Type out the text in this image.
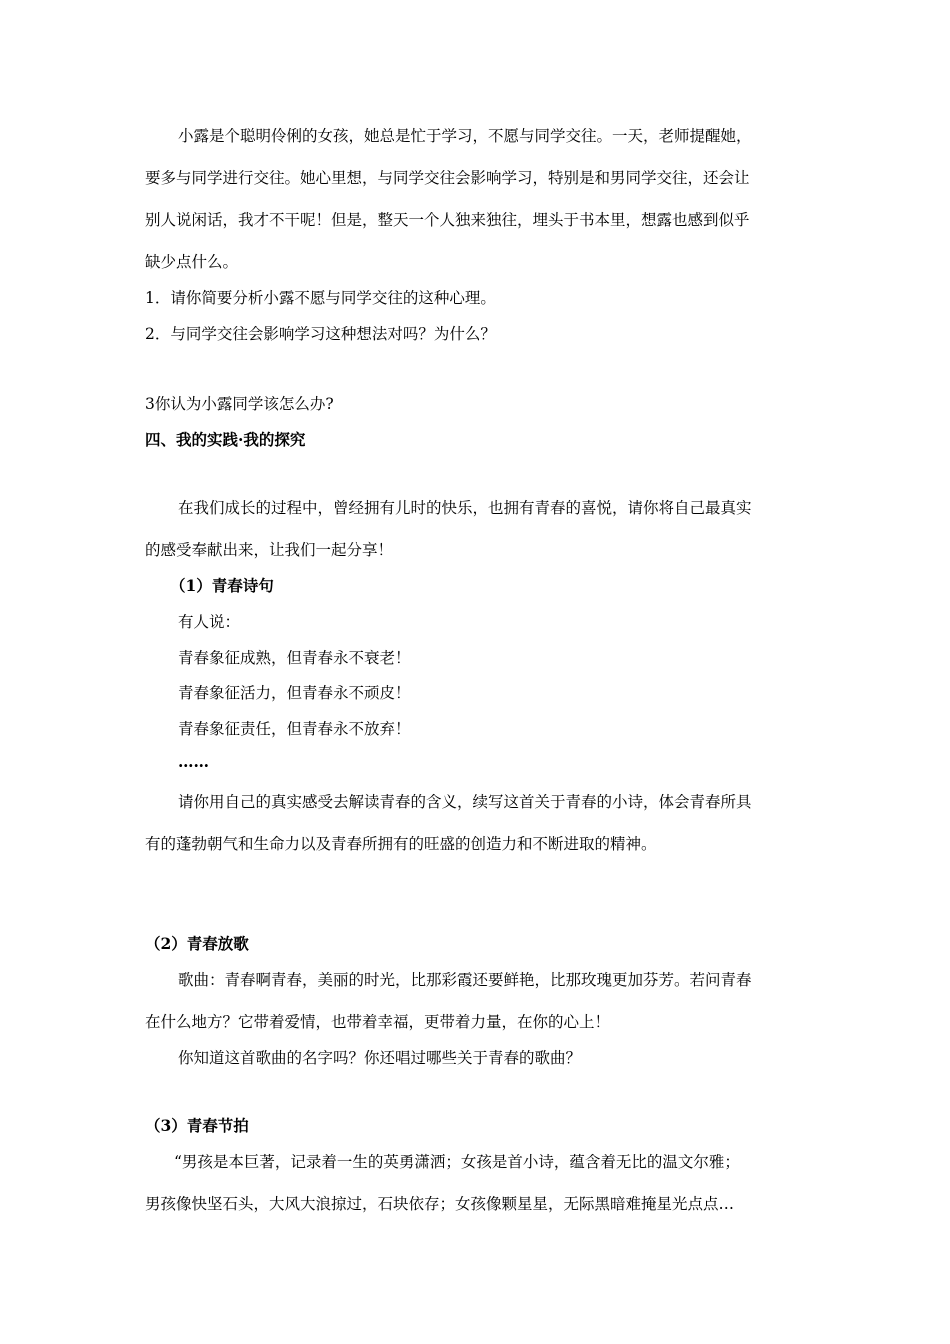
小露是个聪明伶俐的女孩，她总是忙于学习，不愿与同学交往。一天，老师提醒她，
要多与同学进行交往。她心里想，与同学交往会影响学习，特别是和男同学交往，还会让
别人说闲话，我才不干呢！但是，整天一个人独来独往，埋头于书本里，想露也感到似乎
缺少点什么。
1．请你简要分析小露不愿与同学交往的这种心理。
2．与同学交往会影响学习这种想法对吗？为什么？
3你认为小露同学该怎么办?
四、我的实践·我的探究
在我们成长的过程中，曾经拥有儿时的快乐，也拥有青春的喜悦，请你将自己最真实
的感受奉献出来，让我们一起分享！
（1）青春诗句
有人说：
青春象征成熟，但青春永不衰老！
青春象征活力，但青春永不顽皮！
青春象征责任，但青春永不放弃！
……
请你用自己的真实感受去解读青春的含义，续写这首关于青春的小诗，体会青春所具
有的蓬勃朝气和生命力以及青春所拥有的旺盛的创造力和不断进取的精神。
（2）青春放歌
歌曲：青春啊青春，美丽的时光，比那彩霞还要鲜艳，比那玫瑰更加芬芳。若问青春
在什么地方？它带着爱情，也带着幸福，更带着力量，在你的心上！
你知道这首歌曲的名字吗？你还唱过哪些关于青春的歌曲？
（3）青春节拍
“男孩是本巨著，记录着一生的英勇潇洒；女孩是首小诗，蕴含着无比的温文尔雅；
男孩像快坚石头，大风大浪掠过，石块依存；女孩像颗星星，无际黑暗难掩星光点点…
